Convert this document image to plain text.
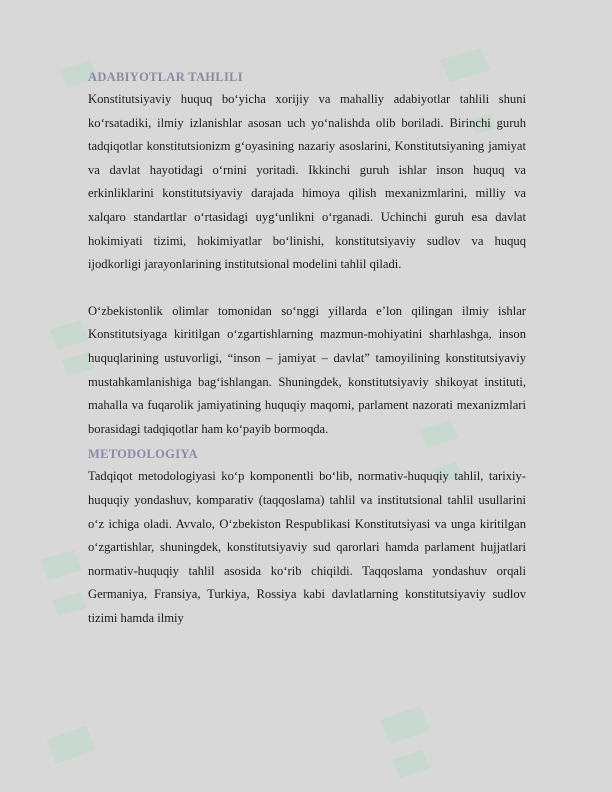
ADABIYOTLAR TAHLILI

Konstitutsiyaviy huquq bo‘yicha xorijiy va mahalliy adabiyotlar tahlili shuni ko‘rsatadiki, ilmiy izlanishlar asosan uch yo‘nalishda olib boriladi. Birinchi guruh tadqiqotlar konstitutsionizm g‘oyasining nazariy asoslarini, Konstitutsiyaning jamiyat va davlat hayotidagi o‘rnini yoritadi. Ikkinchi guruh ishlar inson huquq va erkinliklarini konstitutsiyaviy darajada himoya qilish mexanizmlarini, milliy va xalqaro standartlar o‘rtasidagi uyg‘unlikni o‘rganadi. Uchinchi guruh esa davlat hokimiyati tizimi, hokimiyatlar bo‘linishi, konstitutsiyaviy sudlov va huquq ijodkorligi jarayonlarining institutsional modelini tahlil qiladi.

O‘zbekistonlik olimlar tomonidan so‘nggi yillarda e’lon qilingan ilmiy ishlar Konstitutsiyaga kiritilgan o‘zgartishlarning mazmun-mohiyatini sharhlashga, inson huquqlarining ustuvorligi, “inson – jamiyat – davlat” tamoyilining konstitutsiyaviy mustahkamlanishiga bag‘ishlangan. Shuningdek, konstitutsiyaviy shikoyat instituti, mahalla va fuqarolik jamiyatining huquqiy maqomi, parlament nazorati mexanizmlari borasidagi tadqiqotlar ham ko‘payib bormoqda.

METODOLOGIYA

Tadqiqot metodologiyasi ko‘p komponentli bo‘lib, normativ-huquqiy tahlil, tarixiy-huquqiy yondashuv, komparativ (taqqoslama) tahlil va institutsional tahlil usullarini o‘z ichiga oladi. Avvalo, O‘zbekiston Respublikasi Konstitutsiyasi va unga kiritilgan o‘zgartishlar, shuningdek, konstitutsiyaviy sud qarorlari hamda parlament hujjatlari normativ-huquqiy tahlil asosida ko‘rib chiqildi. Taqqoslama yondashuv orqali Germaniya, Fransiya, Turkiya, Rossiya kabi davlatlarning konstitutsiyaviy sudlov tizimi hamda ilmiy
